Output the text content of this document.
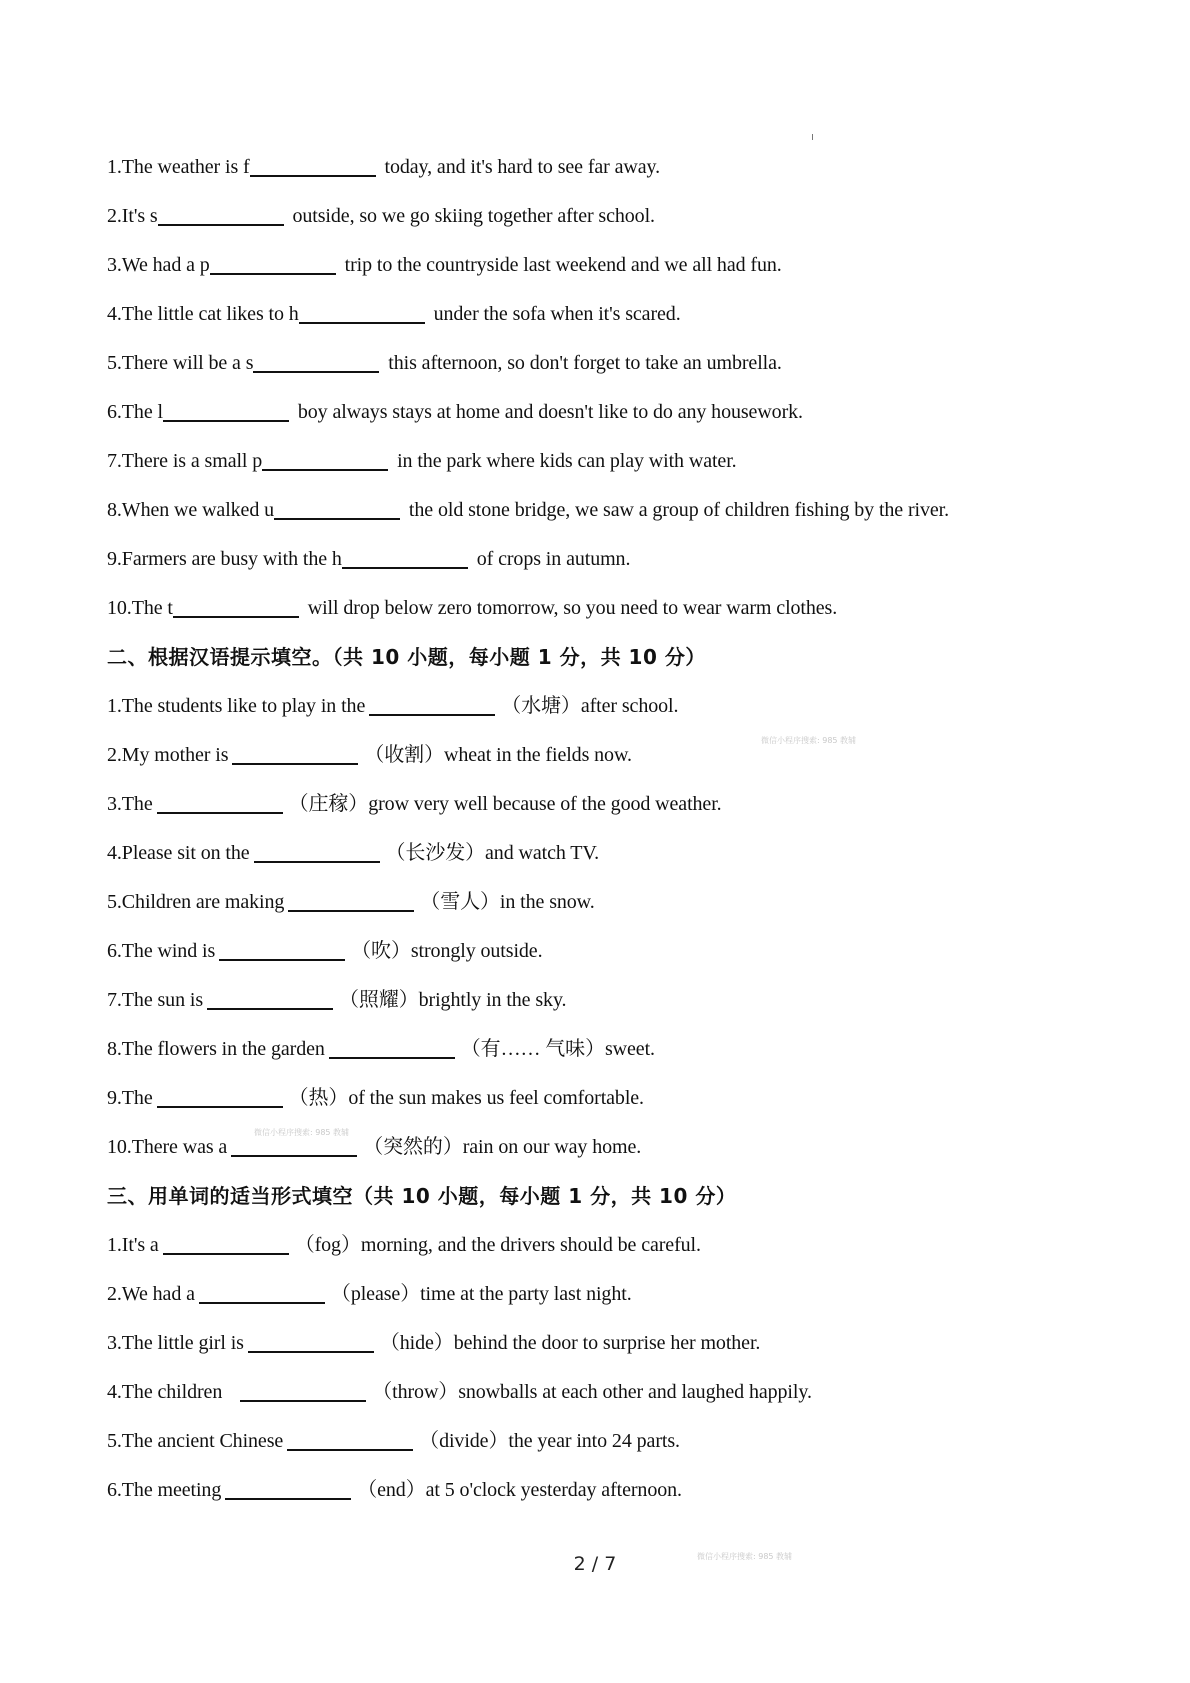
1.The weather is f	today, and it's hard to see far away.
2.It's s	outside, so we go skiing together after school.
3.We had a p	trip to the countryside last weekend and we all had fun.
4.The little cat likes to h	under the sofa when it's scared.
5.There will be a s	this afternoon, so don't forget to take an umbrella.
6.The l	boy always stays at home and doesn't like to do any housework.
7.There is a small p	in the park where kids can play with water.
8.When we walked u	the old stone bridge, we saw a group of children fishing by the river.
9.Farmers are busy with the h	of crops in autumn.
10.The t	will drop below zero tomorrow, so you need to wear warm clothes.
二、根据汉语提示填空。（共 10 小题，每小题 1 分，共 10 分）
1.The students like to play in the	（水塘）after school.
2.My mother is	（收割）wheat in the fields now.
3.The	（庄稼）grow very well because of the good weather.
4.Please sit on the	（长沙发）and watch TV.
5.Children are making	（雪人）in the snow.
6.The wind is	（吹）strongly outside.
7.The sun is	（照耀）brightly in the sky.
8.The flowers in the garden	（有…… 气味）sweet.
9.The	（热）of the sun makes us feel comfortable.
10.There was a	（突然的）rain on our way home.
三、用单词的适当形式填空（共 10 小题，每小题 1 分，共 10 分）
1.It's a	（fog）morning, and the drivers should be careful.
2.We had a	（please）time at the party last night.
3.The little girl is	（hide）behind the door to surprise her mother.
4.The children	（throw）snowballs at each other and laughed happily.
5.The ancient Chinese	（divide）the year into 24 parts.
6.The meeting	（end）at 5 o'clock yesterday afternoon.
微信小程序搜索: 985 教辅
微信小程序搜索: 985 教辅
微信小程序搜索: 985 教辅
2 / 7
